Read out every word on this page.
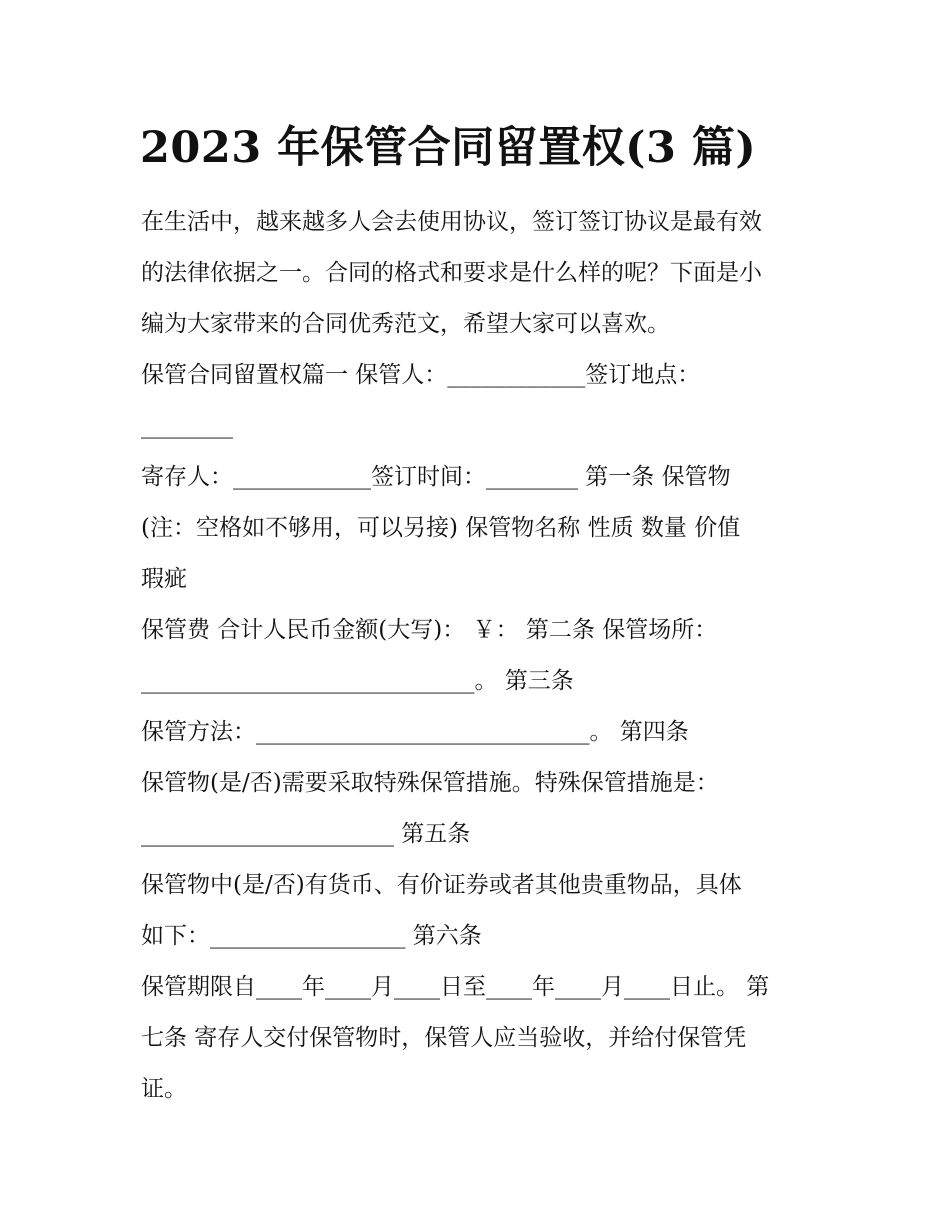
2023 年保管合同留置权(3 篇)
在生活中，越来越多人会去使用协议，签订签订协议是最有效
的法律依据之一。合同的格式和要求是什么样的呢？下面是小
编为大家带来的合同优秀范文，希望大家可以喜欢。
保管合同留置权篇一 保管人：____________签订地点：
________
寄存人：____________签订时间：________ 第一条 保管物
(注：空格如不够用，可以另接) 保管物名称 性质 数量 价值
瑕疵
保管费 合计人民币金额(大写)： ￥： 第二条 保管场所：
_____________________________。 第三条
保管方法：_____________________________。 第四条
保管物(是/否)需要采取特殊保管措施。特殊保管措施是：
______________________ 第五条
保管物中(是/否)有货币、有价证券或者其他贵重物品，具体
如下：_________________ 第六条
保管期限自____年____月____日至____年____月____日止。 第
七条 寄存人交付保管物时，保管人应当验收，并给付保管凭
证。
